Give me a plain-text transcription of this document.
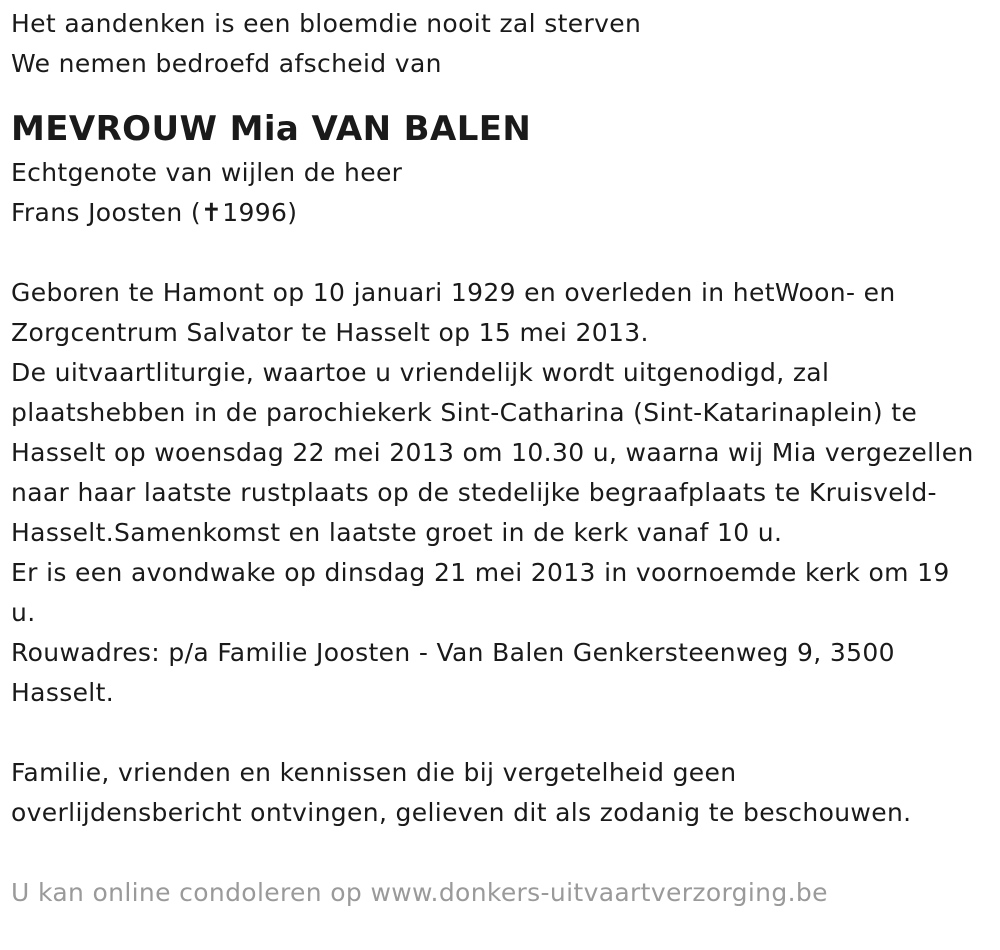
Het aandenken is een bloemdie nooit zal sterven
We nemen bedroefd afscheid van
MEVROUW Mia VAN BALEN
Echtgenote van wijlen de heer
Frans Joosten (✝1996)
Geboren te Hamont op 10 januari 1929 en overleden in hetWoon- en
Zorgcentrum Salvator te Hasselt op 15 mei 2013.
De uitvaartliturgie, waartoe u vriendelijk wordt uitgenodigd, zal
plaatshebben in de parochiekerk Sint-Catharina (Sint-Katarinaplein) te
Hasselt op woensdag 22 mei 2013 om 10.30 u, waarna wij Mia vergezellen
naar haar laatste rustplaats op de stedelijke begraafplaats te Kruisveld-
Hasselt.Samenkomst en laatste groet in de kerk vanaf 10 u.
Er is een avondwake op dinsdag 21 mei 2013 in voornoemde kerk om 19
u.
Rouwadres: p/a Familie Joosten - Van Balen Genkersteenweg 9, 3500
Hasselt.
Familie, vrienden en kennissen die bij vergetelheid geen
overlijdensbericht ontvingen, gelieven dit als zodanig te beschouwen.
U kan online condoleren op www.donkers-uitvaartverzorging.be
